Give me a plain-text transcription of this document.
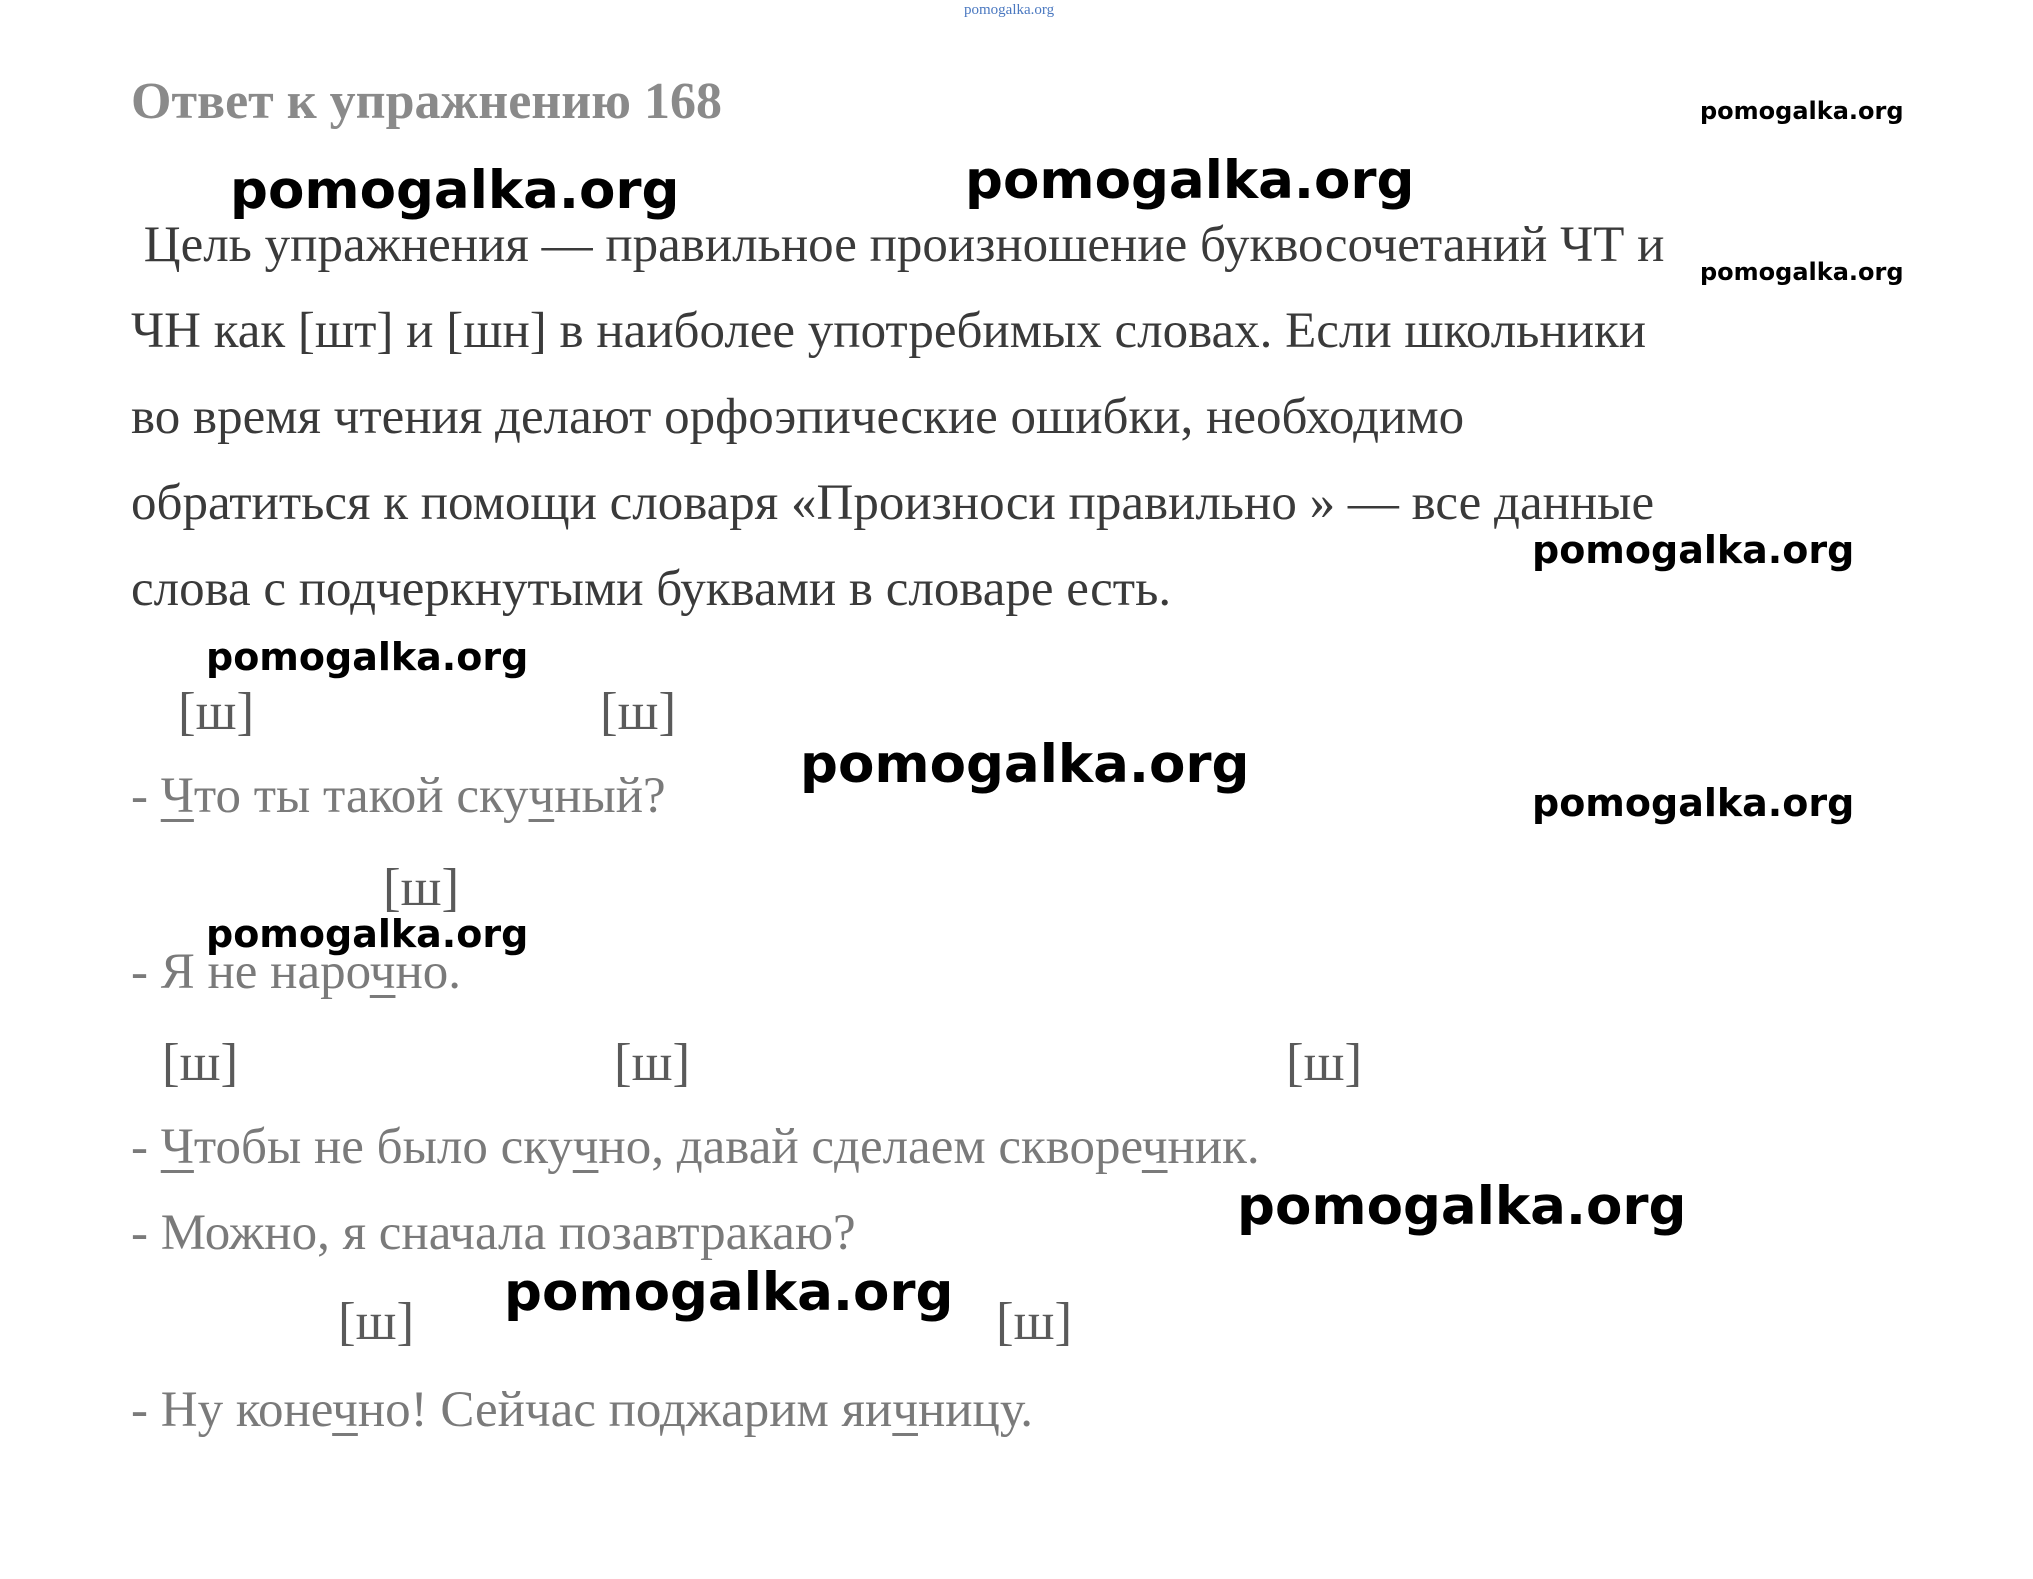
pomogalka.org
Ответ к упражнению 168
Цель упражнения — правильное произношение буквосочетаний ЧТ и
ЧН как [шт] и [шн] в наиболее употребимых словах. Если школьники
во время чтения делают орфоэпические ошибки, необходимо
обратиться к помощи словаря «Произноси правильно » — все данные
слова с подчеркнутыми буквами в словаре есть.
[ш]	[ш]
[ш]
[ш]	[ш]	[ш]
[ш]	[ш]
- Что ты такой скучный?
- Я не нарочно.
- Чтобы не было скучно, давай сделаем скворечник.
- Можно, я сначала позавтракаю?
- Ну конечно! Сейчас поджарим яичницу.
pomogalka.org
pomogalka.org	pomogalka.org
pomogalka.org
pomogalka.org
pomogalka.org
pomogalka.org
pomogalka.org
pomogalka.org
pomogalka.org
pomogalka.org
